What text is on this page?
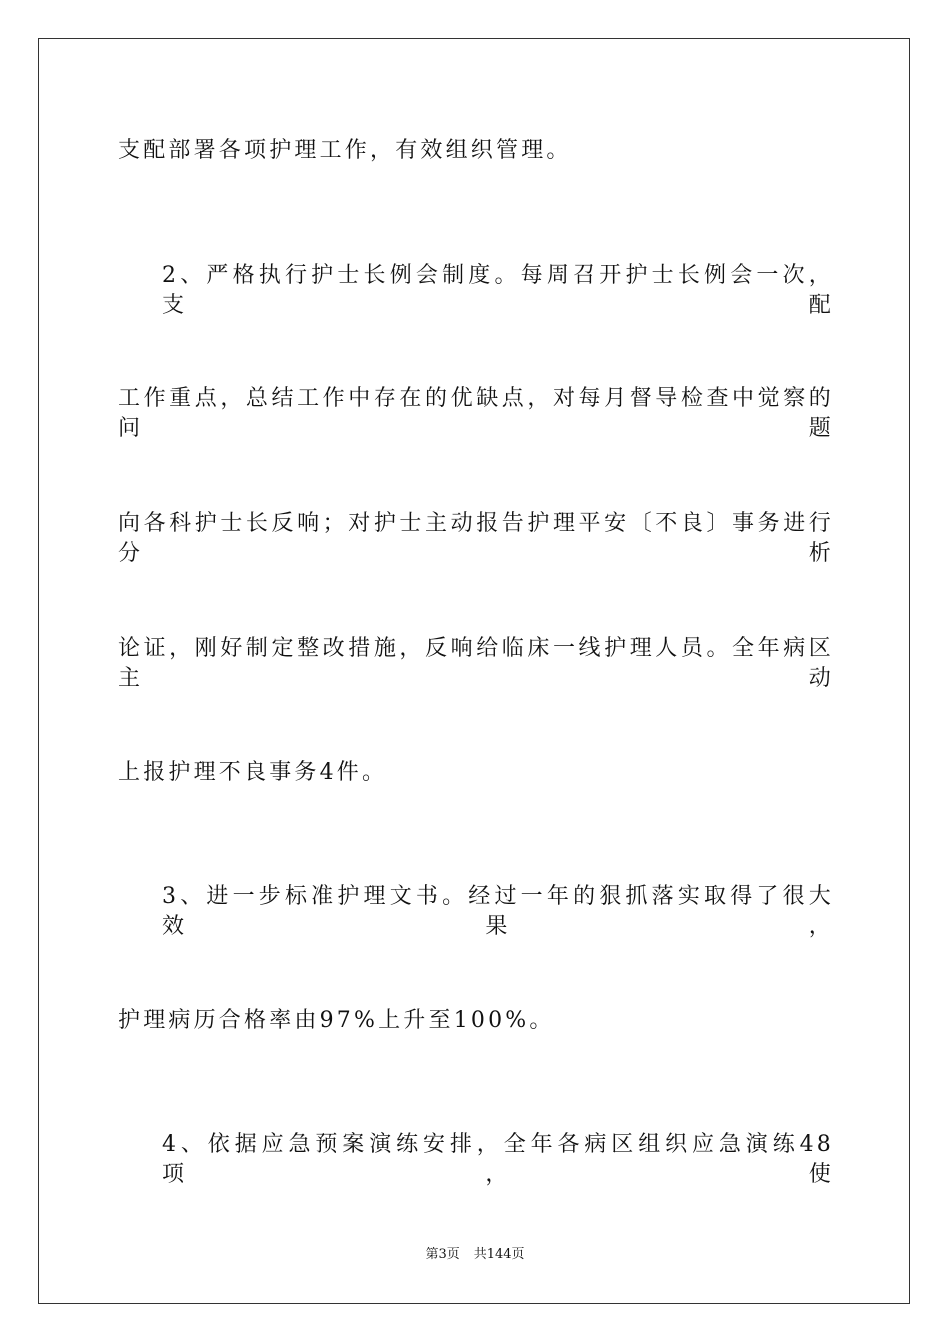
支配部署各项护理工作，有效组织管理。
2、严格执行护士长例会制度。每周召开护士长例会一次，支配
工作重点，总结工作中存在的优缺点，对每月督导检查中觉察的问题
向各科护士长反响；对护士主动报告护理平安〔不良〕事务进行分析
论证，刚好制定整改措施，反响给临床一线护理人员。全年病区主动
上报护理不良事务4件。
3、进一步标准护理文书。经过一年的狠抓落实取得了很大效果，
护理病历合格率由97%上升至100%。
4、依据应急预案演练安排，全年各病区组织应急演练48项，使
第3页 共144页
